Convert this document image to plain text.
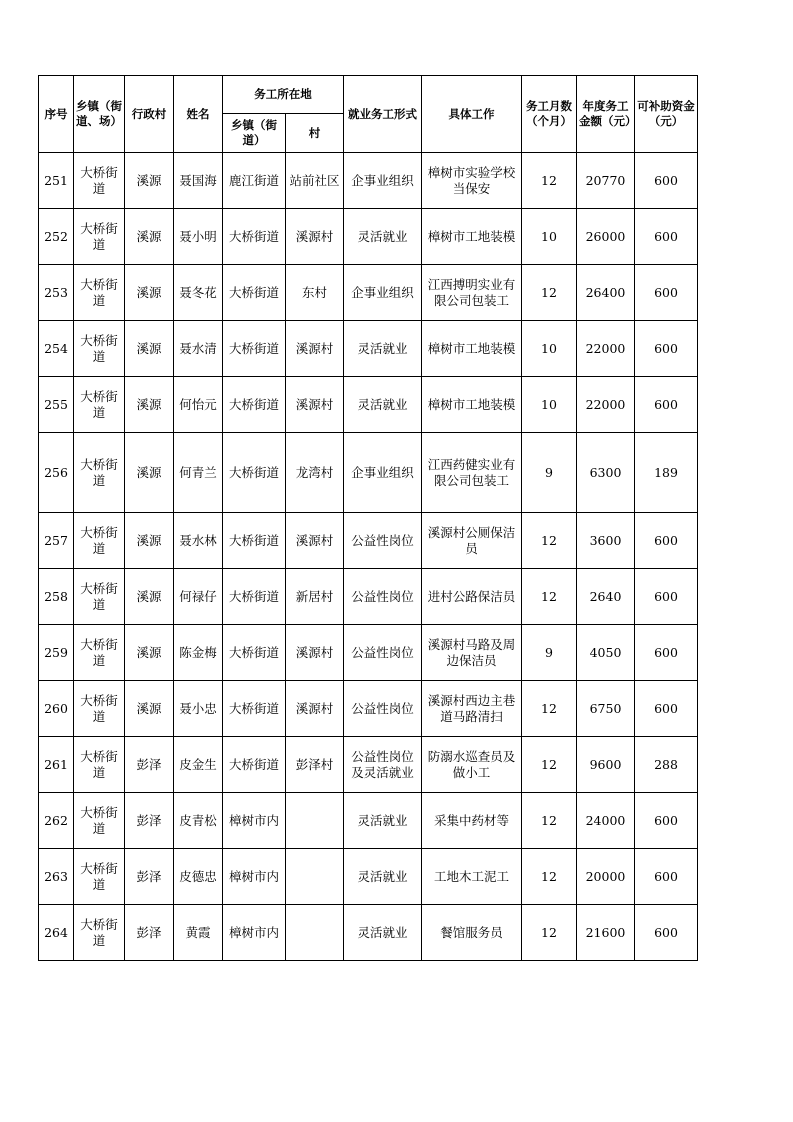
序号	乡镇（街道、场）	行政村	姓名	务工所在地		就业务工形式	具体工作	务工月数（个月）	年度务工金额（元）	可补助资金（元）
				乡镇（街道）	村					
251	大桥街道	溪源	聂国海	鹿江街道	站前社区	企事业组织	樟树市实验学校当保安	12	20770	600
252	大桥街道	溪源	聂小明	大桥街道	溪源村	灵活就业	樟树市工地装模	10	26000	600
253	大桥街道	溪源	聂冬花	大桥街道	东村	企事业组织	江西搏明实业有限公司包装工	12	26400	600
254	大桥街道	溪源	聂水清	大桥街道	溪源村	灵活就业	樟树市工地装模	10	22000	600
255	大桥街道	溪源	何怡元	大桥街道	溪源村	灵活就业	樟树市工地装模	10	22000	600
256	大桥街道	溪源	何青兰	大桥街道	龙湾村	企事业组织	江西药健实业有限公司包装工	9	6300	189
257	大桥街道	溪源	聂水林	大桥街道	溪源村	公益性岗位	溪源村公厕保洁员	12	3600	600
258	大桥街道	溪源	何禄仔	大桥街道	新居村	公益性岗位	进村公路保洁员	12	2640	600
259	大桥街道	溪源	陈金梅	大桥街道	溪源村	公益性岗位	溪源村马路及周边保洁员	9	4050	600
260	大桥街道	溪源	聂小忠	大桥街道	溪源村	公益性岗位	溪源村西边主巷道马路清扫	12	6750	600
261	大桥街道	彭泽	皮金生	大桥街道	彭泽村	公益性岗位及灵活就业	防溺水巡查员及做小工	12	9600	288
262	大桥街道	彭泽	皮青松	樟树市内		灵活就业	采集中药材等	12	24000	600
263	大桥街道	彭泽	皮德忠	樟树市内		灵活就业	工地木工泥工	12	20000	600
264	大桥街道	彭泽	黄霞	樟树市内		灵活就业	餐馆服务员	12	21600	600
